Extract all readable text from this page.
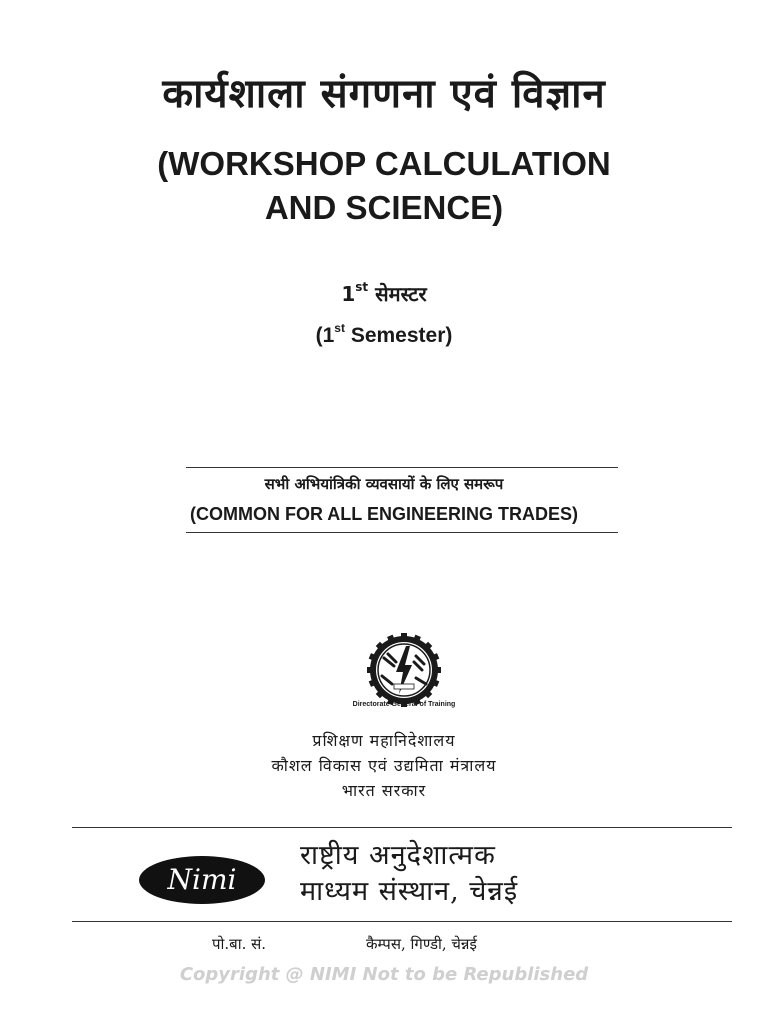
कार्यशाला संगणना एवं विज्ञान
(WORKSHOP CALCULATION
AND SCIENCE)
1st सेमस्टर
(1st Semester)
सभी अभियांत्रिकी व्यवसायों के लिए समरूप
(COMMON FOR ALL ENGINEERING TRADES)
Directorate General of Training
प्रशिक्षण महानिदेशालय
कौशल विकास एवं उद्यमिता मंत्रालय
भारत सरकार
Nimi
राष्ट्रीय अनुदेशात्मक
माध्यम संस्थान, चेन्नई
पो.बा. सं.	कैम्पस, गिण्डी, चेन्नई
Copyright @ NIMI Not to be Republished
